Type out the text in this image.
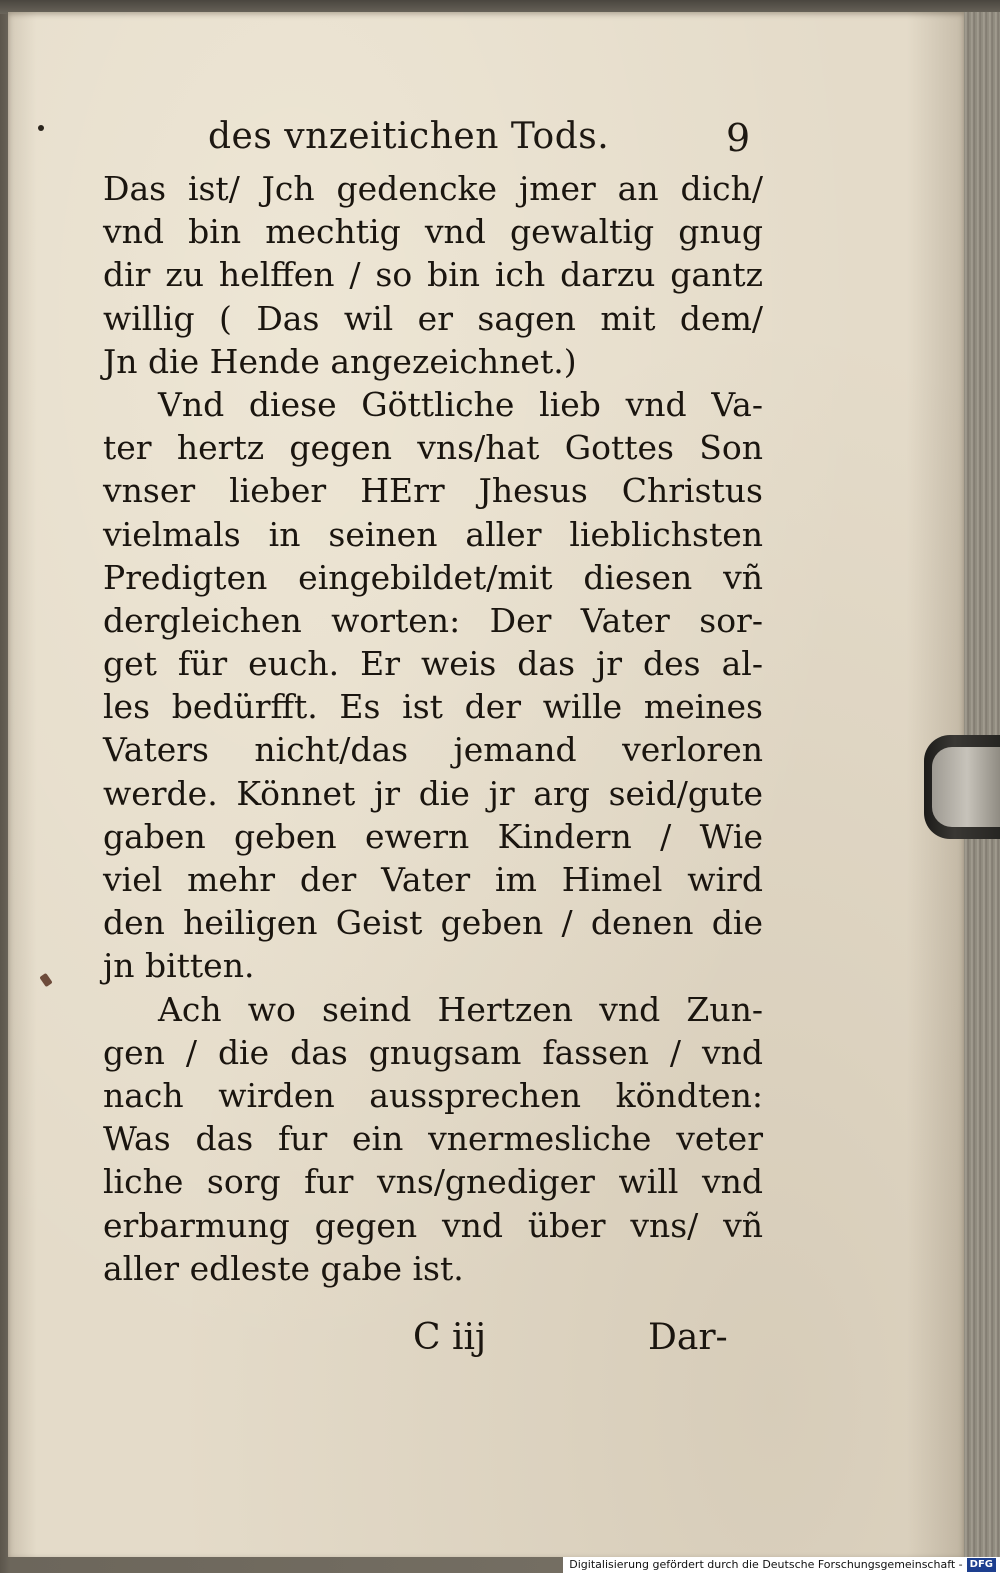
des vnzeitichen Tods.	9
Das ist/ Jch gedencke jmer an dich/
vnd bin mechtig vnd gewaltig gnug
dir zu helffen / so bin ich darzu gantz
willig ( Das wil er sagen mit dem/
Jn die Hende angezeichnet.)
Vnd diese Göttliche lieb vnd Va-
ter hertz gegen vns/hat Gottes Son
vnser lieber HErr Jhesus Christus
vielmals in seinen aller lieblichsten
Predigten eingebildet/mit diesen vñ
dergleichen worten: Der Vater sor-
get für euch. Er weis das jr des al-
les bedürfft. Es ist der wille meines
Vaters nicht/das jemand verloren
werde. Könnet jr die jr arg seid/gute
gaben geben ewern Kindern / Wie
viel mehr der Vater im Himel wird
den heiligen Geist geben / denen die
jn bitten.
Ach wo seind Hertzen vnd Zun-
gen / die das gnugsam fassen / vnd
nach wirden aussprechen köndten:
Was das fur ein vnermesliche veter
liche sorg fur vns/gnediger will vnd
erbarmung gegen vnd über vns/ vñ
aller edleste gabe ist.
C iij	Dar-
Digitalisierung gefördert durch die Deutsche Forschungsgemeinschaft - DFG
